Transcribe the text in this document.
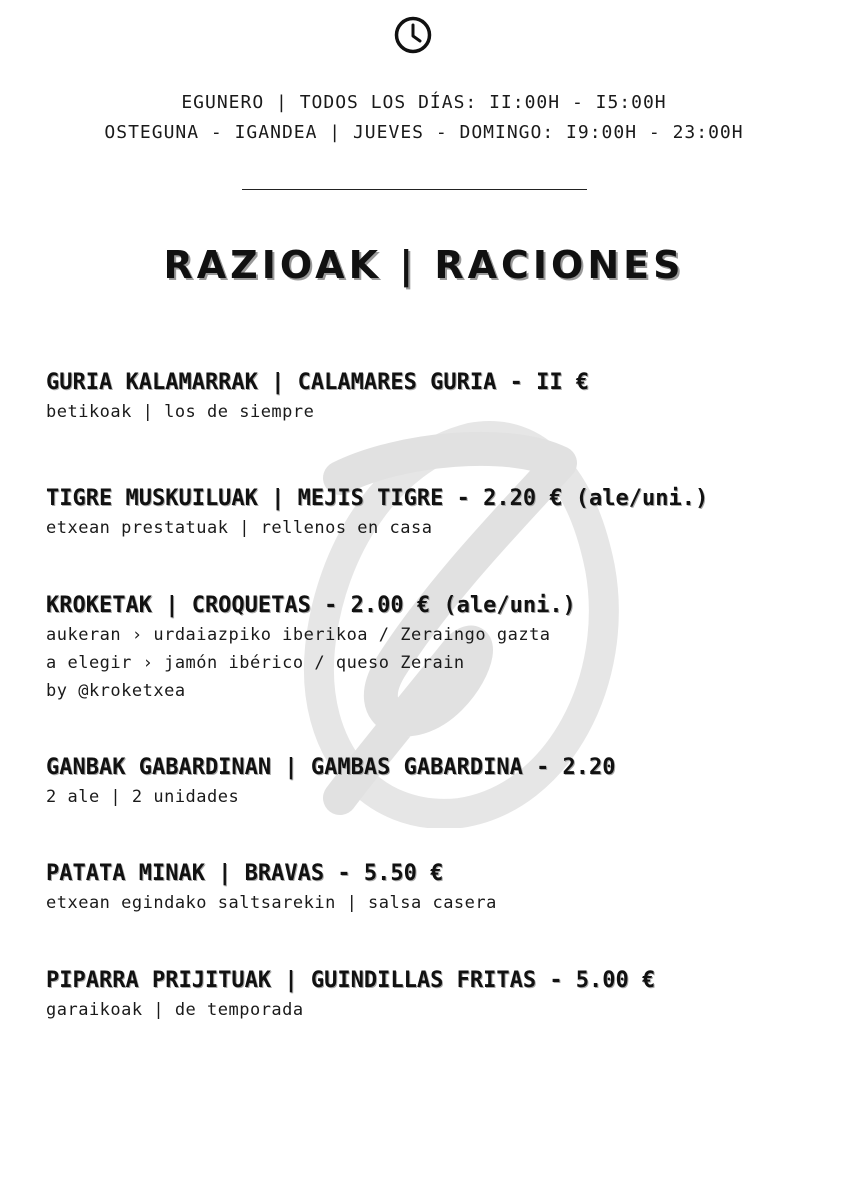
EGUNERO | TODOS LOS DÍAS: II:00H - I5:00H
OSTEGUNA - IGANDEA | JUEVES - DOMINGO: I9:00H - 23:00H
RAZIOAK | RACIONES
GURIA KALAMARRAK | CALAMARES GURIA - II €
betikoak | los de siempre
TIGRE MUSKUILUAK | MEJIS TIGRE - 2.20 € (ale/uni.)
etxean prestatuak | rellenos en casa
KROKETAK | CROQUETAS - 2.00 € (ale/uni.)
aukeran › urdaiazpiko iberikoa / Zeraingo gazta
a elegir › jamón ibérico / queso Zerain
by @kroketxea
GANBAK GABARDINAN | GAMBAS GABARDINA - 2.20
2 ale | 2 unidades
PATATA MINAK | BRAVAS - 5.50 €
etxean egindako saltsarekin | salsa casera
PIPARRA PRIJITUAK | GUINDILLAS FRITAS - 5.00 €
garaikoak | de temporada
